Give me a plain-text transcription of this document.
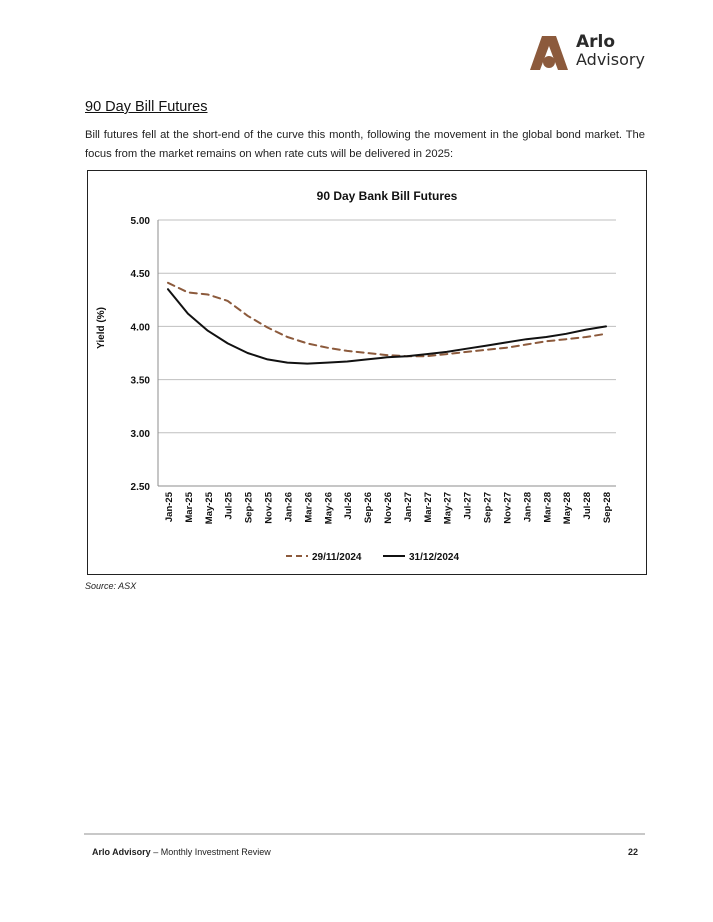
Arlo
Advisory
90 Day Bill Futures
Bill futures fell at the short-end of the curve this month, following the movement in the global bond market. The focus from the market remains on when rate cuts will be delivered in 2025:
90 Day Bank Bill Futures
2.50
3.00
3.50
4.00
4.50
5.00
Jan-25 Mar-25 May-25 Jul-25 Sep-25 Nov-25 Jan-26 Mar-26 May-26 Jul-26 Sep-26 Nov-26 Jan-27 Mar-27 May-27 Jul-27 Sep-27 Nov-27 Jan-28 Mar-28 May-28 Jul-28 Sep-28
Yield (%)
29/11/2024	31/12/2024
Source: ASX
Arlo Advisory – Monthly Investment Review	22
